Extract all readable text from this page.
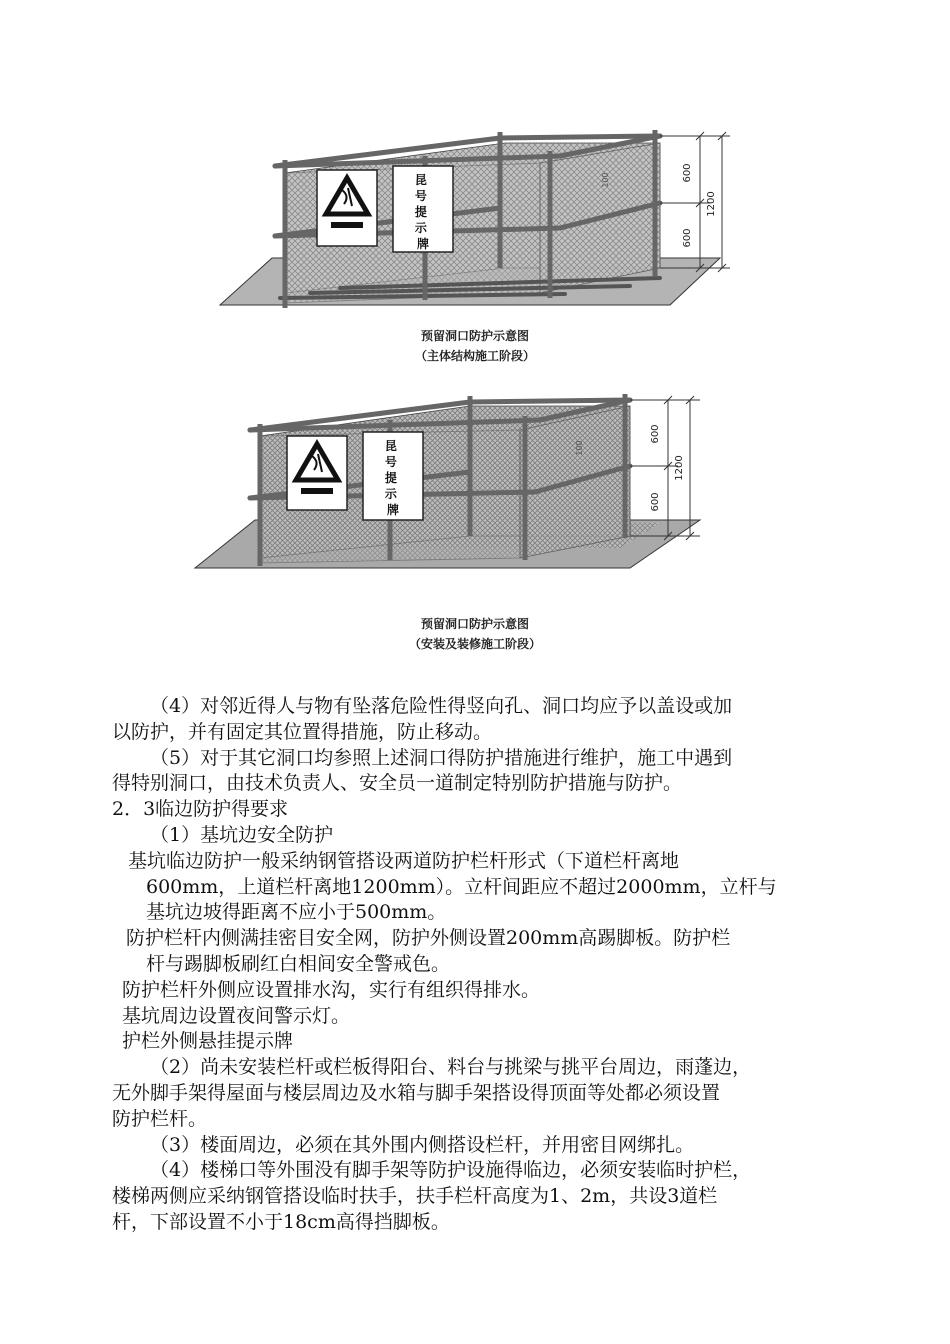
昆 号 提 示 牌
600
600
1200
100
预留洞口防护示意图
（主体结构施工阶段）
昆 号 提 示 牌
600
600
1200
100
预留洞口防护示意图
（安装及装修施工阶段）

（4）对邻近得人与物有坠落危险性得竖向孔、洞口均应予以盖设或加

以防护，并有固定其位置得措施，防止移动。

（5）对于其它洞口均参照上述洞口得防护措施进行维护，施工中遇到

得特别洞口，由技术负责人、安全员一道制定特别防护措施与防护。

2．3临边防护得要求

（1）基坑边安全防护

基坑临边防护一般采纳钢管搭设两道防护栏杆形式（下道栏杆离地

600mm，上道栏杆离地1200mm）。立杆间距应不超过2000mm，立杆与

基坑边坡得距离不应小于500mm。

防护栏杆内侧满挂密目安全网，防护外侧设置200mm高踢脚板。防护栏

杆与踢脚板刷红白相间安全警戒色。

防护栏杆外侧应设置排水沟，实行有组织得排水。

基坑周边设置夜间警示灯。

护栏外侧悬挂提示牌

（2）尚未安装栏杆或栏板得阳台、料台与挑梁与挑平台周边，雨蓬边，

无外脚手架得屋面与楼层周边及水箱与脚手架搭设得顶面等处都必须设置

防护栏杆。

（3）楼面周边，必须在其外围内侧搭设栏杆，并用密目网绑扎。

（4）楼梯口等外围没有脚手架等防护设施得临边，必须安装临时护栏，

楼梯两侧应采纳钢管搭设临时扶手，扶手栏杆高度为1、2m，共设3道栏

杆，下部设置不小于18cm高得挡脚板。
